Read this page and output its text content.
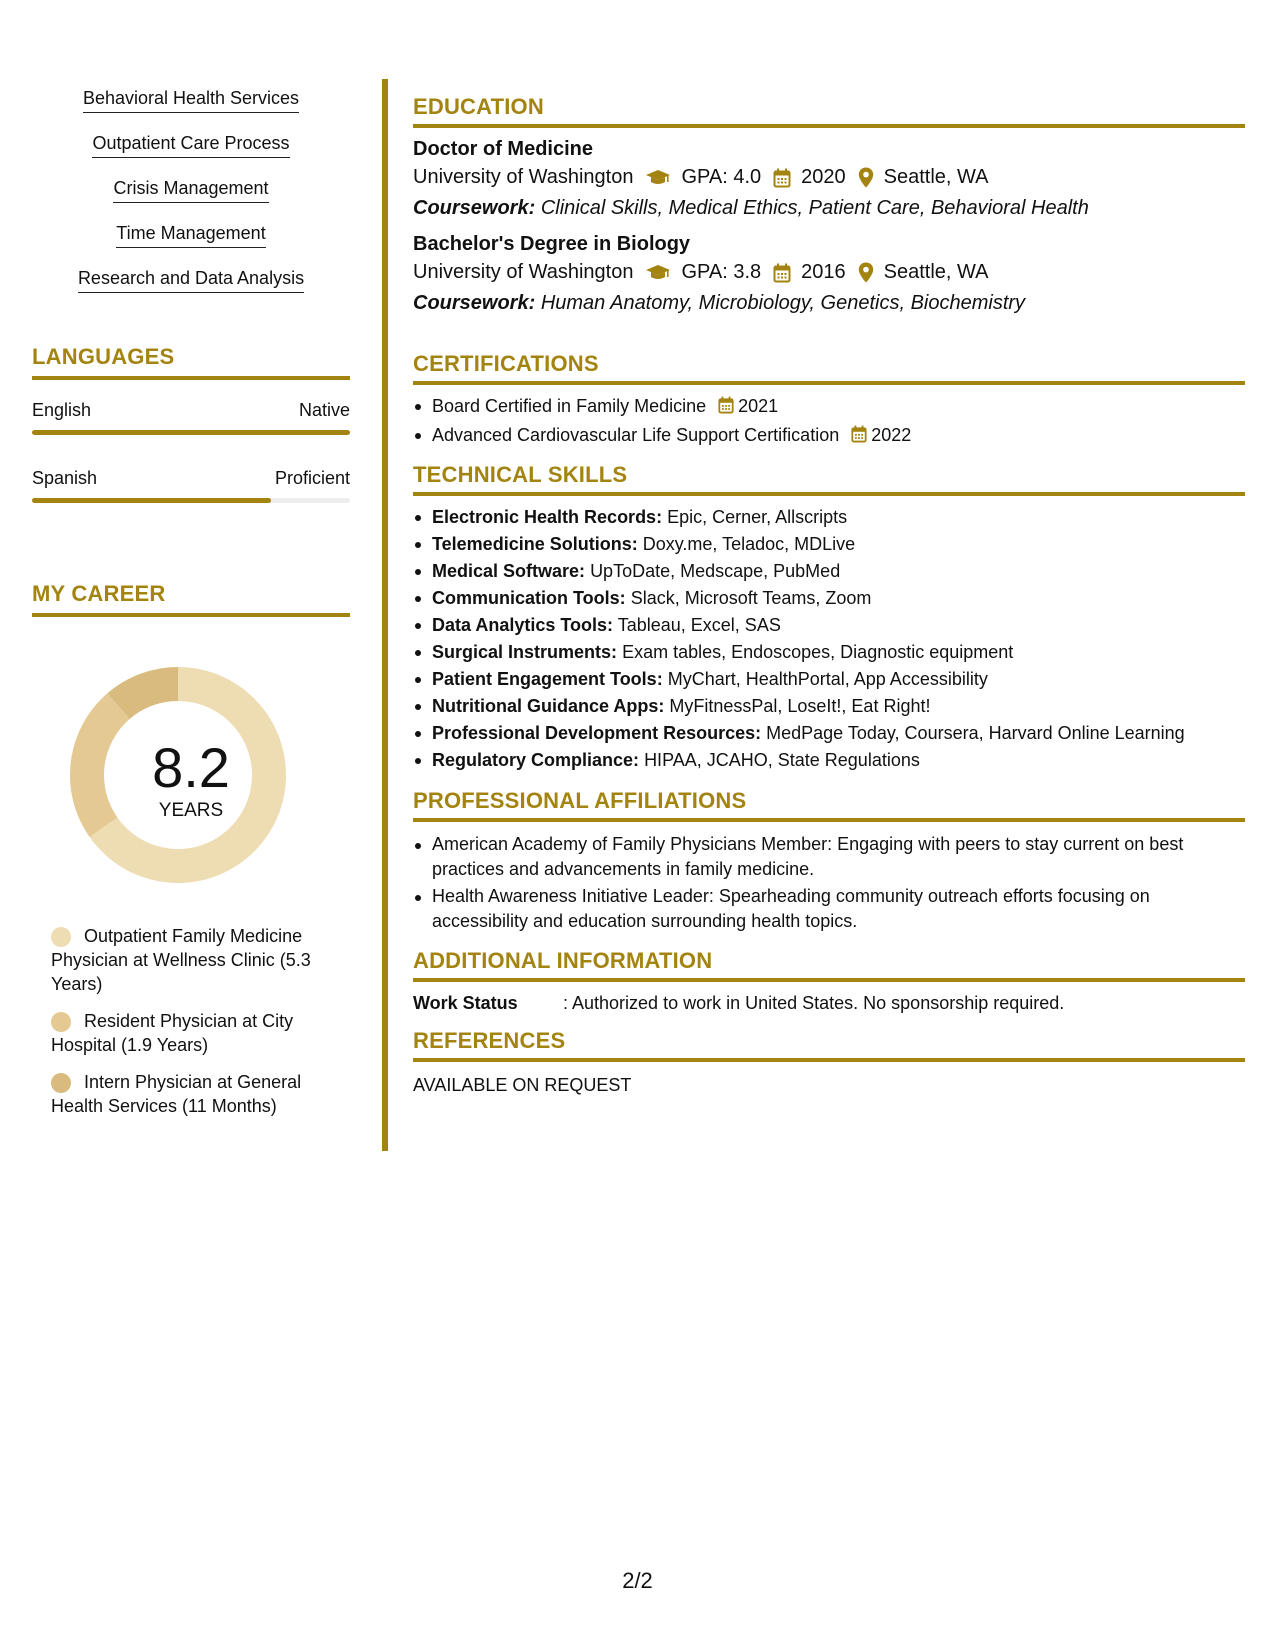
Behavioral Health Services
Outpatient Care Process
Crisis Management
Time Management
Research and Data Analysis
LANGUAGES
English	Native
Spanish	Proficient
MY CAREER
8.2
YEARS
Outpatient Family Medicine Physician at Wellness Clinic (5.3 Years)
Resident Physician at City Hospital (1.9 Years)
Intern Physician at General Health Services (11 Months)
EDUCATION
Doctor of Medicine
University of Washington GPA: 4.0 2020 Seattle, WA
Coursework: Clinical Skills, Medical Ethics, Patient Care, Behavioral Health
Bachelor's Degree in Biology
University of Washington GPA: 3.8 2016 Seattle, WA
Coursework: Human Anatomy, Microbiology, Genetics, Biochemistry
CERTIFICATIONS
Board Certified in Family Medicine 2021
Advanced Cardiovascular Life Support Certification 2022
TECHNICAL SKILLS
Electronic Health Records: Epic, Cerner, Allscripts
Telemedicine Solutions: Doxy.me, Teladoc, MDLive
Medical Software: UpToDate, Medscape, PubMed
Communication Tools: Slack, Microsoft Teams, Zoom
Data Analytics Tools: Tableau, Excel, SAS
Surgical Instruments: Exam tables, Endoscopes, Diagnostic equipment
Patient Engagement Tools: MyChart, HealthPortal, App Accessibility
Nutritional Guidance Apps: MyFitnessPal, LoseIt!, Eat Right!
Professional Development Resources: MedPage Today, Coursera, Harvard Online Learning
Regulatory Compliance: HIPAA, JCAHO, State Regulations
PROFESSIONAL AFFILIATIONS
American Academy of Family Physicians Member: Engaging with peers to stay current on best practices and advancements in family medicine.
Health Awareness Initiative Leader: Spearheading community outreach efforts focusing on accessibility and education surrounding health topics.
ADDITIONAL INFORMATION
Work Status	: Authorized to work in United States. No sponsorship required.
REFERENCES
AVAILABLE ON REQUEST
2/2
